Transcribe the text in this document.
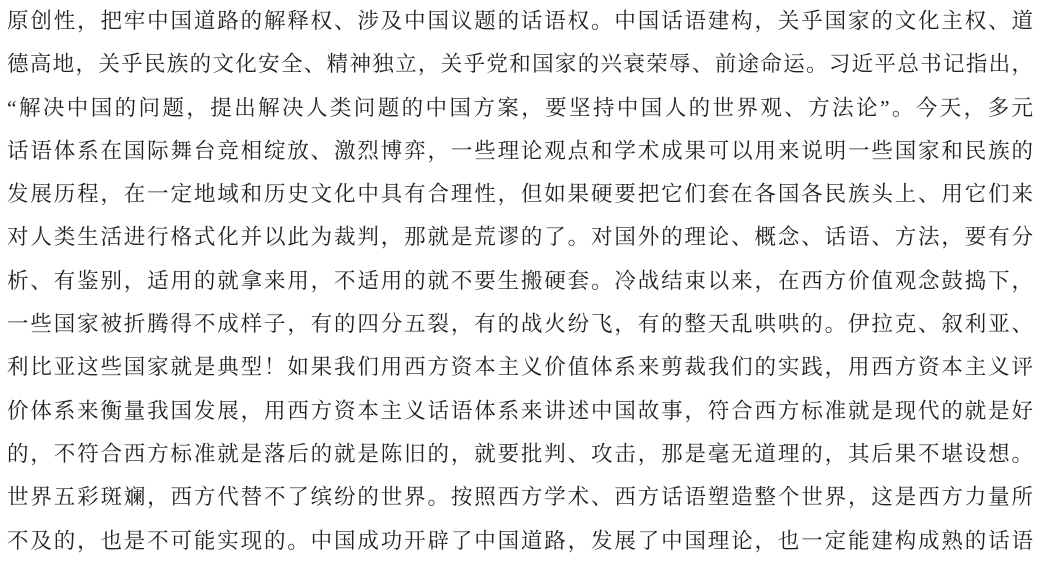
原创性，把牢中国道路的解释权、涉及中国议题的话语权。中国话语建构，关乎国家的文化主权、道
德高地，关乎民族的文化安全、精神独立，关乎党和国家的兴衰荣辱、前途命运。习近平总书记指出，
“解决中国的问题，提出解决人类问题的中国方案，要坚持中国人的世界观、方法论”。今天，多元
话语体系在国际舞台竞相绽放、激烈博弈，一些理论观点和学术成果可以用来说明一些国家和民族的
发展历程，在一定地域和历史文化中具有合理性，但如果硬要把它们套在各国各民族头上、用它们来
对人类生活进行格式化并以此为裁判，那就是荒谬的了。对国外的理论、概念、话语、方法，要有分
析、有鉴别，适用的就拿来用，不适用的就不要生搬硬套。冷战结束以来，在西方价值观念鼓捣下，
一些国家被折腾得不成样子，有的四分五裂，有的战火纷飞，有的整天乱哄哄的。伊拉克、叙利亚、
利比亚这些国家就是典型！如果我们用西方资本主义价值体系来剪裁我们的实践，用西方资本主义评
价体系来衡量我国发展，用西方资本主义话语体系来讲述中国故事，符合西方标准就是现代的就是好
的，不符合西方标准就是落后的就是陈旧的，就要批判、攻击，那是毫无道理的，其后果不堪设想。
世界五彩斑斓，西方代替不了缤纷的世界。按照西方学术、西方话语塑造整个世界，这是西方力量所
不及的，也是不可能实现的。中国成功开辟了中国道路，发展了中国理论，也一定能建构成熟的话语
